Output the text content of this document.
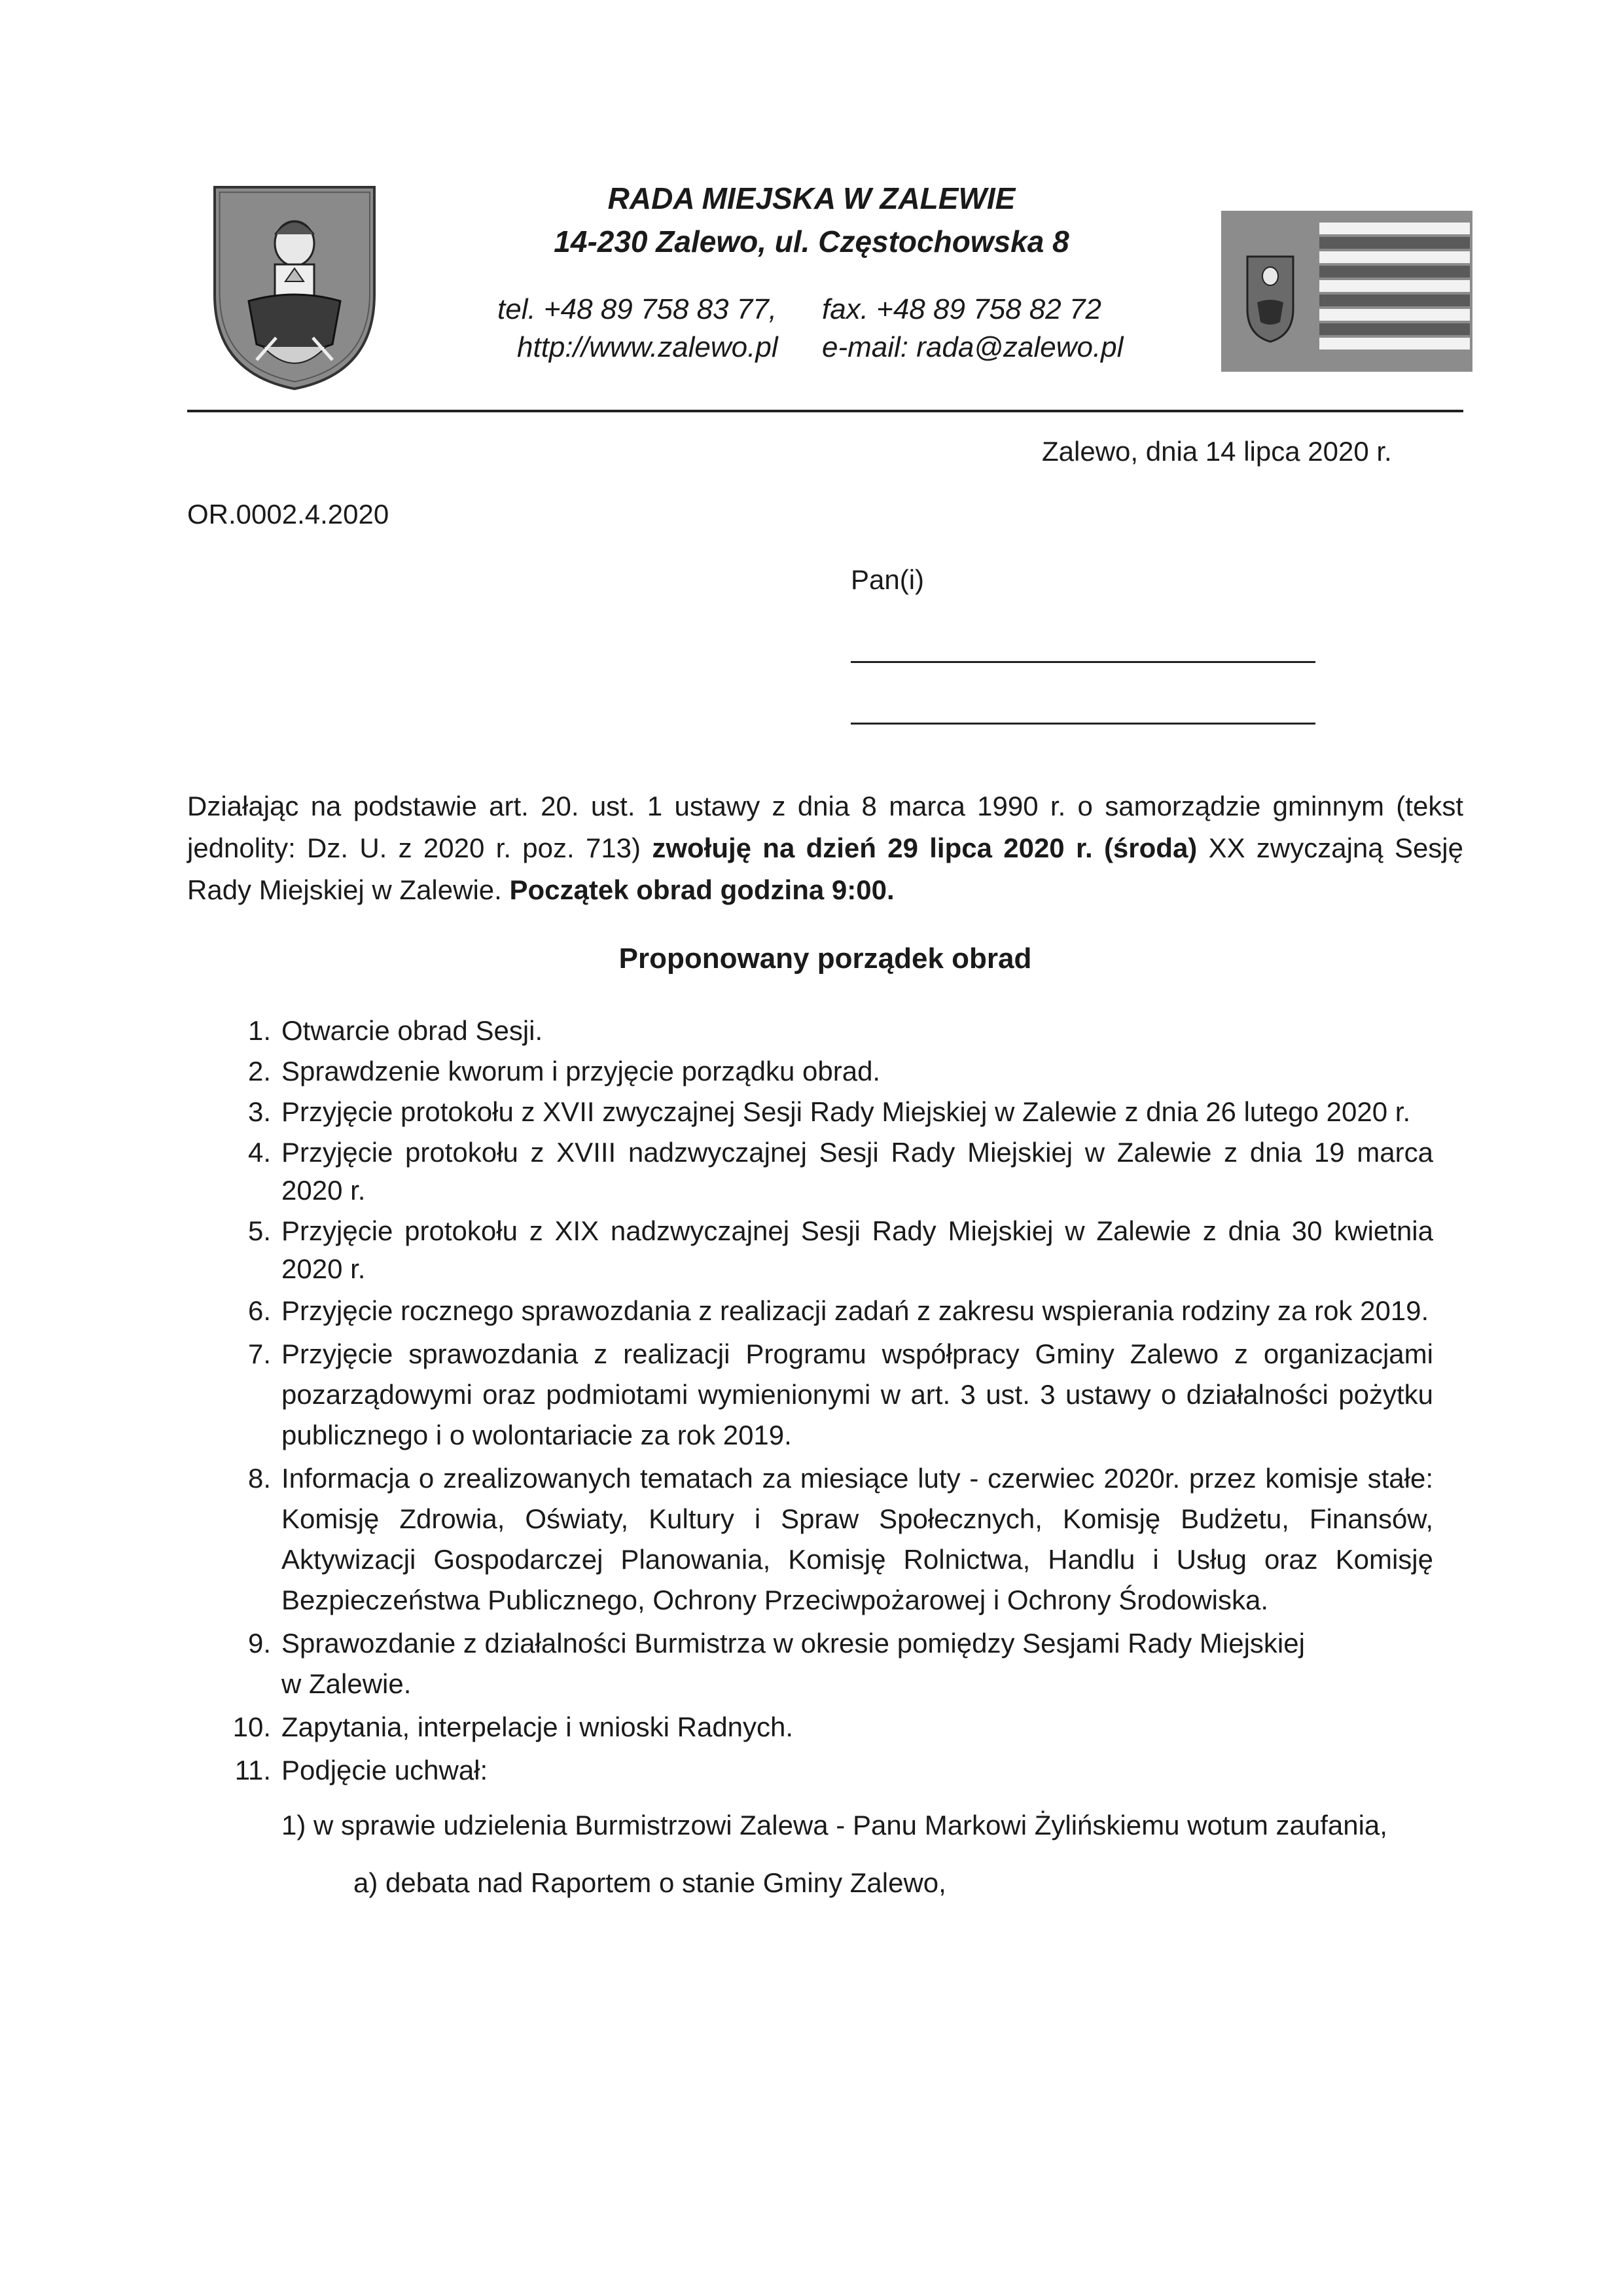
RADA MIEJSKA W ZALEWIE
14-230 Zalewo, ul. Częstochowska 8
tel. +48 89 758 83 77, fax. +48 89 758 82 72
http://www.zalewo.pl e-mail: rada@zalewo.pl
Zalewo, dnia 14 lipca 2020 r.
OR.0002.4.2020
Pan(i)
Działając na podstawie art. 20. ust. 1 ustawy z dnia 8 marca 1990 r. o samorządzie gminnym (tekst jednolity: Dz. U. z 2020 r. poz. 713) zwołuję na dzień 29 lipca 2020 r. (środa) XX zwyczajną Sesję Rady Miejskiej w Zalewie. Początek obrad godzina 9:00.
Proponowany porządek obrad
1. Otwarcie obrad Sesji.
2. Sprawdzenie kworum i przyjęcie porządku obrad.
3. Przyjęcie protokołu z XVII zwyczajnej Sesji Rady Miejskiej w Zalewie z dnia 26 lutego 2020 r.
4. Przyjęcie protokołu z XVIII nadzwyczajnej Sesji Rady Miejskiej w Zalewie z dnia 19 marca 2020 r.
5. Przyjęcie protokołu z XIX nadzwyczajnej Sesji Rady Miejskiej w Zalewie z dnia 30 kwietnia 2020 r.
6. Przyjęcie rocznego sprawozdania z realizacji zadań z zakresu wspierania rodziny za rok 2019.
7. Przyjęcie sprawozdania z realizacji Programu współpracy Gminy Zalewo z organizacjami pozarządowymi oraz podmiotami wymienionymi w art. 3 ust. 3 ustawy o działalności pożytku publicznego i o wolontariacie za rok 2019.
8. Informacja o zrealizowanych tematach za miesiące luty - czerwiec 2020r. przez komisje stałe: Komisję Zdrowia, Oświaty, Kultury i Spraw Społecznych, Komisję Budżetu, Finansów, Aktywizacji Gospodarczej Planowania, Komisję Rolnictwa, Handlu i Usług oraz Komisję Bezpieczeństwa Publicznego, Ochrony Przeciwpożarowej i Ochrony Środowiska.
9. Sprawozdanie z działalności Burmistrza w okresie pomiędzy Sesjami Rady Miejskiej
w Zalewie.
10. Zapytania, interpelacje i wnioski Radnych.
11. Podjęcie uchwał:
1) w sprawie udzielenia Burmistrzowi Zalewa - Panu Markowi Żylińskiemu wotum zaufania,
a) debata nad Raportem o stanie Gminy Zalewo,
